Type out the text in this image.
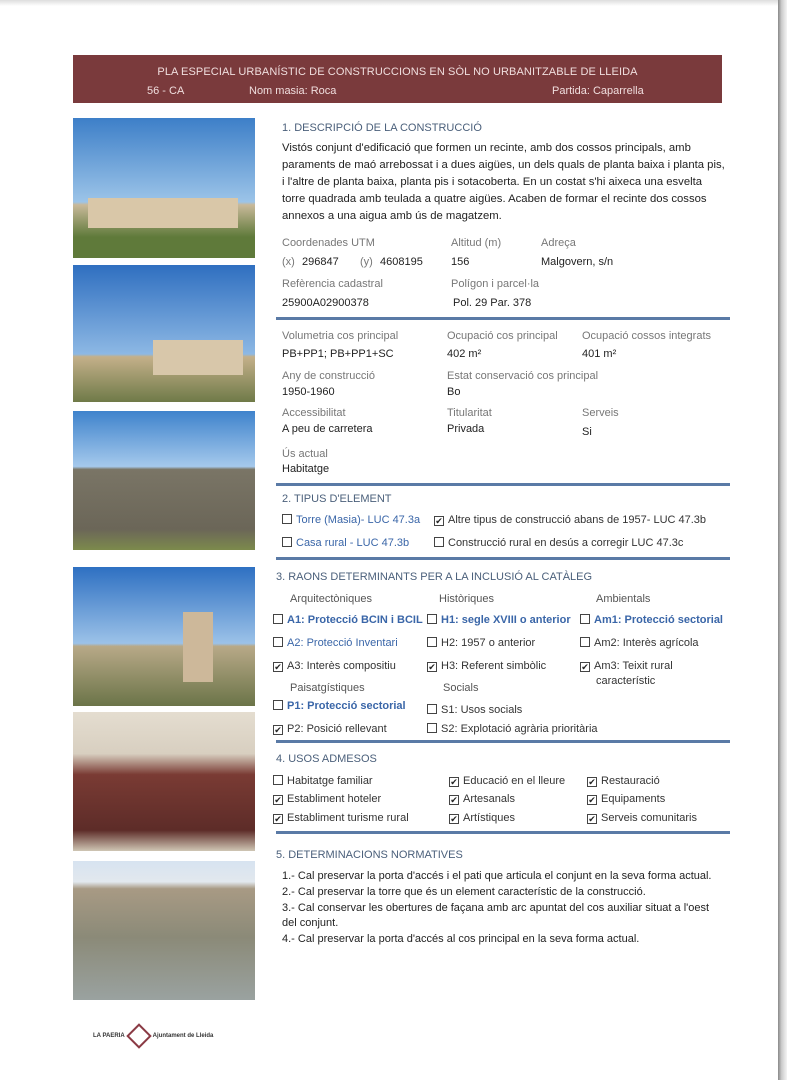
PLA ESPECIAL URBANÍSTIC DE CONSTRUCCIONS EN SÒL NO URBANITZABLE DE LLEIDA
56 - CA	Nom masia: Roca	Partida: Caparrella
1. DESCRIPCIÓ DE LA CONSTRUCCIÓ
Vistós conjunt d'edificació que formen un recinte, amb dos cossos principals, amb paraments de maó arrebossat i a dues aigües, un dels quals de planta baixa i planta pis, i l'altre de planta baixa, planta pis i sotacoberta. En un costat s'hi aixeca una esvelta torre quadrada amb teulada a quatre aigües. Acaben de formar el recinte dos cossos annexos a una aigua amb ús de magatzem.
Coordenades UTM
(x) 296847 (y) 4608195
Altitud (m)
156
Adreça
Malgovern, s/n
Refèrencia cadastral
25900A02900378
Polígon i parcel·la
Pol. 29 Par. 378
Volumetria cos principal
PB+PP1; PB+PP1+SC
Ocupació cos principal
402 m²
Ocupació cossos integrats
401 m²
Any de construcció
1950-1960
Estat conservació cos principal
Bo
Accessibilitat
A peu de carretera
Titularitat
Privada
Serveis
Si
Ús actual
Habitatge
2. TIPUS D'ELEMENT
Torre (Masia)- LUC 47.3a ✔ Altre tipus de construcció abans de 1957- LUC 47.3b
Casa rural - LUC 47.3b	Construcció rural en desús a corregir LUC 47.3c
3. RAONS DETERMINANTS PER A LA INCLUSIÓ AL CATÀLEG
Arquitectòniques	Històriques	Ambientals
Paisatgístiques	Socials
característic
A1: Protecció BCIN i BCIL
A2: Protecció Inventari
✔ A3: Interès compositiu
H1: segle XVIII o anterior
H2: 1957 o anterior
✔ H3: Referent simbòlic
Am1: Protecció sectorial
Am2: Interès agrícola
✔ Am3: Teixit rural
P1: Protecció sectorial
✔ P2: Posició rellevant
S1: Usos socials
S2: Explotació agrària prioritària
4. USOS ADMESOS
Habitatge familiar	✔ Educació en el lleure	✔ Restauració
✔ Establiment hoteler	✔ Artesanals	✔ Equipaments
✔ Establiment turisme rural	✔ Artístiques	✔ Serveis comunitaris
5. DETERMINACIONS NORMATIVES
1.- Cal preservar la porta d'accés i el pati que articula el conjunt en la seva forma actual.
2.- Cal preservar la torre que és un element característic de la construcció.
3.- Cal conservar les obertures de façana amb arc apuntat del cos auxiliar situat a l'oest del conjunt.
4.- Cal preservar la porta d'accés al cos principal en la seva forma actual.
LA PAERIA	Ajuntament de Lleida
